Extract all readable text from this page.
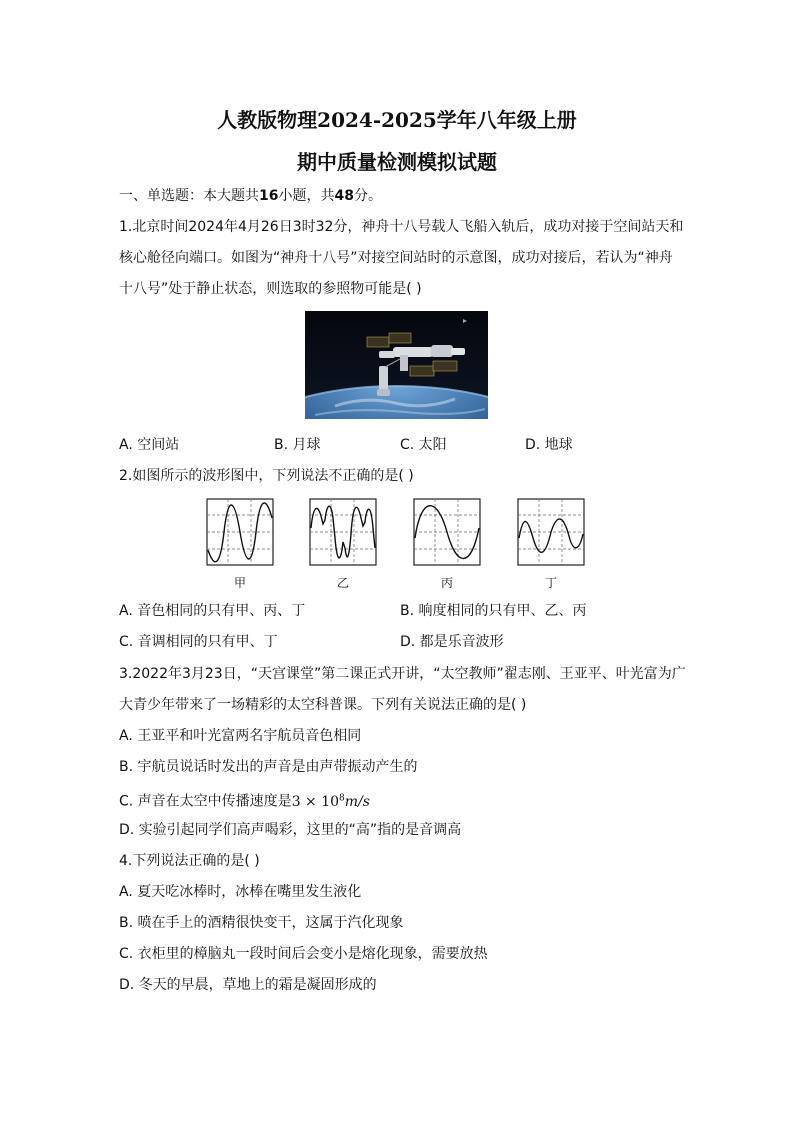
人教版物理2024-2025学年八年级上册
期中质量检测模拟试题
一、单选题：本大题共16小题，共48分。
1.北京时间2024年4月26日3时32分，神舟十八号载人飞船入轨后，成功对接于空间站天和
核心舱径向端口。如图为“神舟十八号”对接空间站时的示意图，成功对接后，若认为“神舟
十八号”处于静止状态，则选取的参照物可能是( )
A. 空间站	B. 月球	C. 太阳	D. 地球
2.如图所示的波形图中，下列说法不正确的是( )
甲	乙	丙	丁
A. 音色相同的只有甲、丙、丁	B. 响度相同的只有甲、乙、丙
C. 音调相同的只有甲、丁	D. 都是乐音波形
3.2022年3月23日，“天宫课堂”第二课正式开讲，“太空教师”翟志刚、王亚平、叶光富为广
大青少年带来了一场精彩的太空科普课。下列有关说法正确的是( )
A. 王亚平和叶光富两名宇航员音色相同
B. 宇航员说话时发出的声音是由声带振动产生的
C. 声音在太空中传播速度是$3 \times 10^8m/s$
D. 实验引起同学们高声喝彩，这里的“高”指的是音调高
4.下列说法正确的是( )
A. 夏天吃冰棒时，冰棒在嘴里发生液化
B. 喷在手上的酒精很快变干，这属于汽化现象
C. 衣柜里的樟脑丸一段时间后会变小是熔化现象，需要放热
D. 冬天的早晨，草地上的霜是凝固形成的
